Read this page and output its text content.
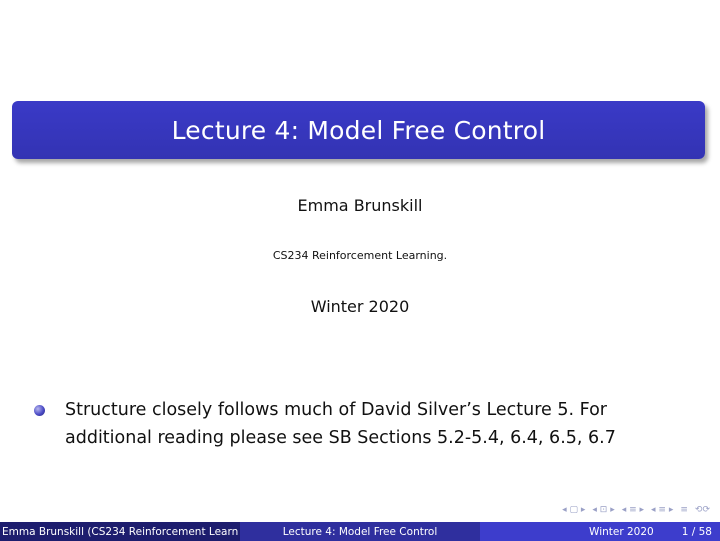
Lecture 4: Model Free Control
Emma Brunskill
CS234 Reinforcement Learning.
Winter 2020
Structure closely follows much of David Silver’s Lecture 5. For
additional reading please see SB Sections 5.2-5.4, 6.4, 6.5, 6.7
◂ ▢ ▸ ◂ ⊡ ▸ ◂ ≡ ▸ ◂ ≡ ▸ ≡ ⟲⟳
Emma Brunskill (CS234 Reinforcement Learn	Lecture 4: Model Free Control	Winter 2020	1 / 58
